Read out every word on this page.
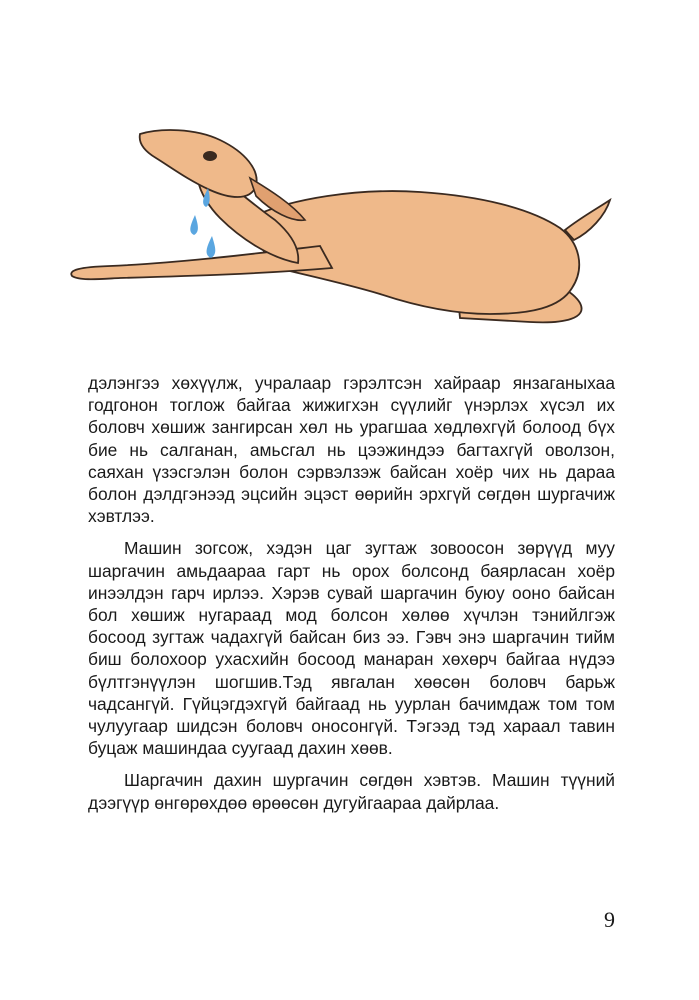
дэлэнгээ хөхүүлж, учралаар гэрэлтсэн хайраар янзаганыхаа годгонон тоглож байгаа жижигхэн сүүлийг үнэрлэх хүсэл их боловч хөшиж зангирсан хөл нь урагшаа хөдлөхгүй болоод бүх бие нь салганан, амьсгал нь цээжиндээ багтахгүй оволзон, саяхан үзэсгэлэн болон сэрвэлзэж байсан хоёр чих нь дараа болон дэлдгэнээд эцсийн эцэст өөрийн эрхгүй сөгдөн шургачиж хэвтлээ.

Машин зогсож, хэдэн цаг зугтаж зовоосон зөрүүд муу шаргачин амьдаараа гарт нь орох болсонд баярласан хоёр инээлдэн гарч ирлээ. Хэрэв сувай шаргачин буюу ооно байсан бол хөшиж нугараад мод болсон хөлөө хүчлэн тэнийлгэж босоод зугтаж чадахгүй байсан биз ээ. Гэвч энэ шаргачин тийм биш болохоор ухасхийн босоод манаран хөхөрч байгаа нүдээ бүлтгэнүүлэн шогшив.Тэд явгалан хөөсөн боловч барьж чадсангүй. Гүйцэгдэхгүй байгаад нь уурлан бачимдаж том том чулуугаар шидсэн боловч оносонгүй. Тэгээд тэд хараал тавин буцаж машиндаа суугаад дахин хөөв.

Шаргачин дахин шургачин сөгдөн хэвтэв. Машин түүний дээгүүр өнгөрөхдөө өрөөсөн дугуйгаараа дайрлаа.

9
